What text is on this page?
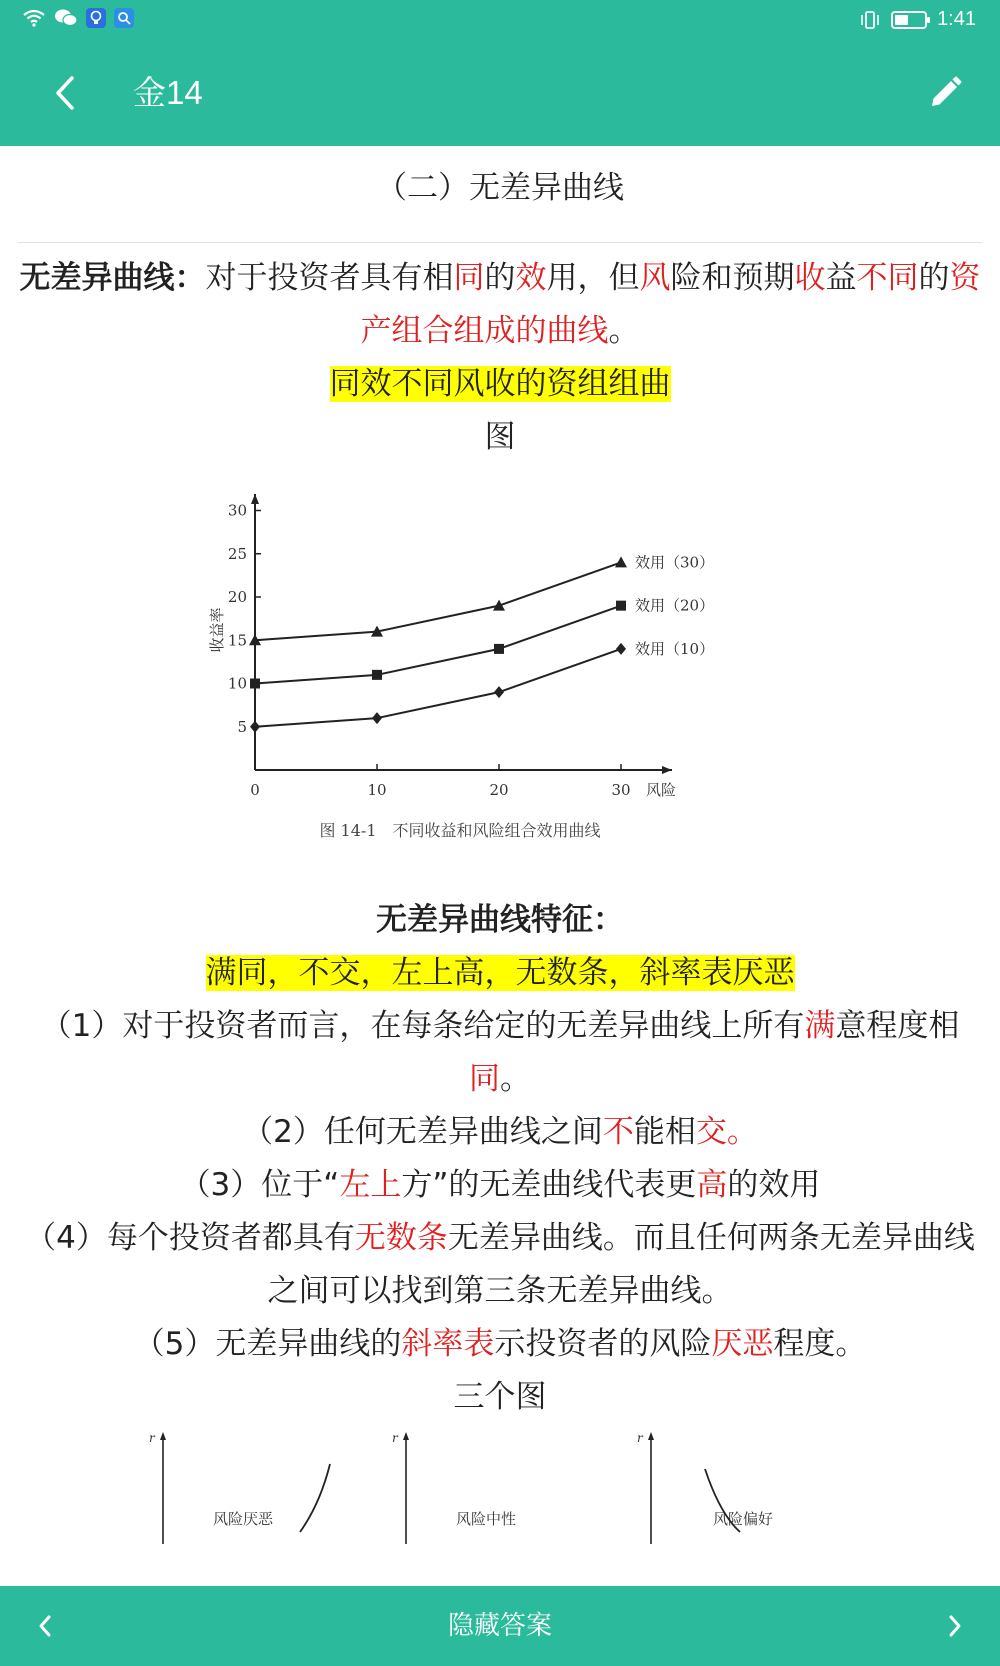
1:41
金14
（二）无差异曲线
无差异曲线：对于投资者具有相同的效用，但风险和预期收益不同的资产组合组成的曲线。
同效不同风收的资组组曲
图
5
10
15
20
25
30
0	10	20	30 风险
收益率
效用（30）
效用（20）
效用（10）
图 14-1　不同收益和风险组合效用曲线
无差异曲线特征：
满同，不交，左上高，无数条，斜率表厌恶
（1）对于投资者而言，在每条给定的无差异曲线上所有满意程度相同。
（2）任何无差异曲线之间不能相交。
（3）位于“左上方”的无差曲线代表更高的效用
（4）每个投资者都具有无数条无差异曲线。而且任何两条无差异曲线之间可以找到第三条无差异曲线。
（5）无差异曲线的斜率表示投资者的风险厌恶程度。
三个图
r
风险厌恶
r
风险中性
r
风险偏好
隐藏答案
